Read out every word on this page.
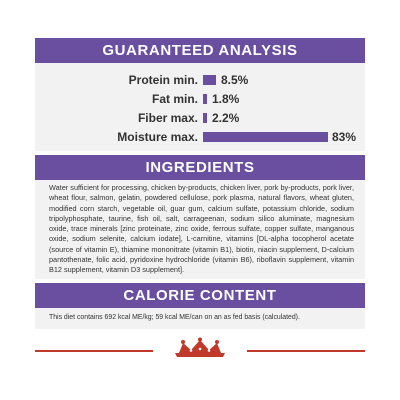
GUARANTEED ANALYSIS
Protein min. 8.5%
Fat min. 1.8%
Fiber max. 2.2%
Moisture max.	83%
INGREDIENTS
Water sufficient for processing, chicken by-products, chicken liver, pork by-products, pork liver, wheat flour, salmon, gelatin, powdered cellulose, pork plasma, natural flavors, wheat gluten, modified corn starch, vegetable oil, guar gum, calcium sulfate, potassium chloride, sodium tripolyphosphate, taurine, fish oil, salt, carrageenan, sodium silico aluminate, magnesium oxide, trace minerals [zinc proteinate, zinc oxide, ferrous sulfate, copper sulfate, manganous oxide, sodium selenite, calcium iodate], L-carnitine, vitamins [DL-alpha tocopherol acetate (source of vitamin E), thiamine mononitrate (vitamin B1), biotin, niacin supplement, D-calcium pantothenate, folic acid, pyridoxine hydrochloride (vitamin B6), riboflavin supplement, vitamin B12 supplement, vitamin D3 supplement].
CALORIE CONTENT
This diet contains 692 kcal ME/kg; 59 kcal ME/can on an as fed basis (calculated).
